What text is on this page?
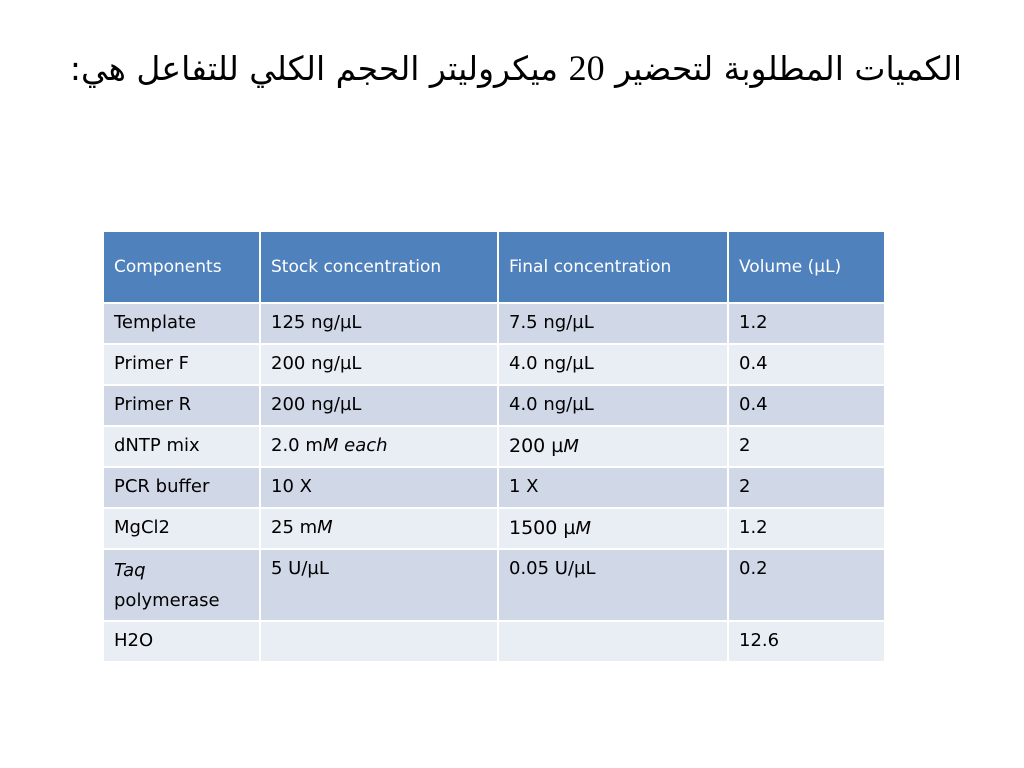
الكميات المطلوبة لتحضير 20 ميكروليتر الحجم الكلي للتفاعل هي:
Components	Stock concentration	Final concentration	Volume (µL)
Template	125 ng/µL	7.5 ng/µL	1.2
Primer F	200 ng/µL	4.0 ng/µL	0.4
Primer R	200 ng/µL	4.0 ng/µL	0.4
dNTP mix	2.0 mM each	200 µM	2
PCR buffer	10 X	1 X	2
MgCl2	25 mM	1500 µM	1.2
Taq
polymerase	5 U/µL	0.05 U/µL	0.2
H2O			12.6
